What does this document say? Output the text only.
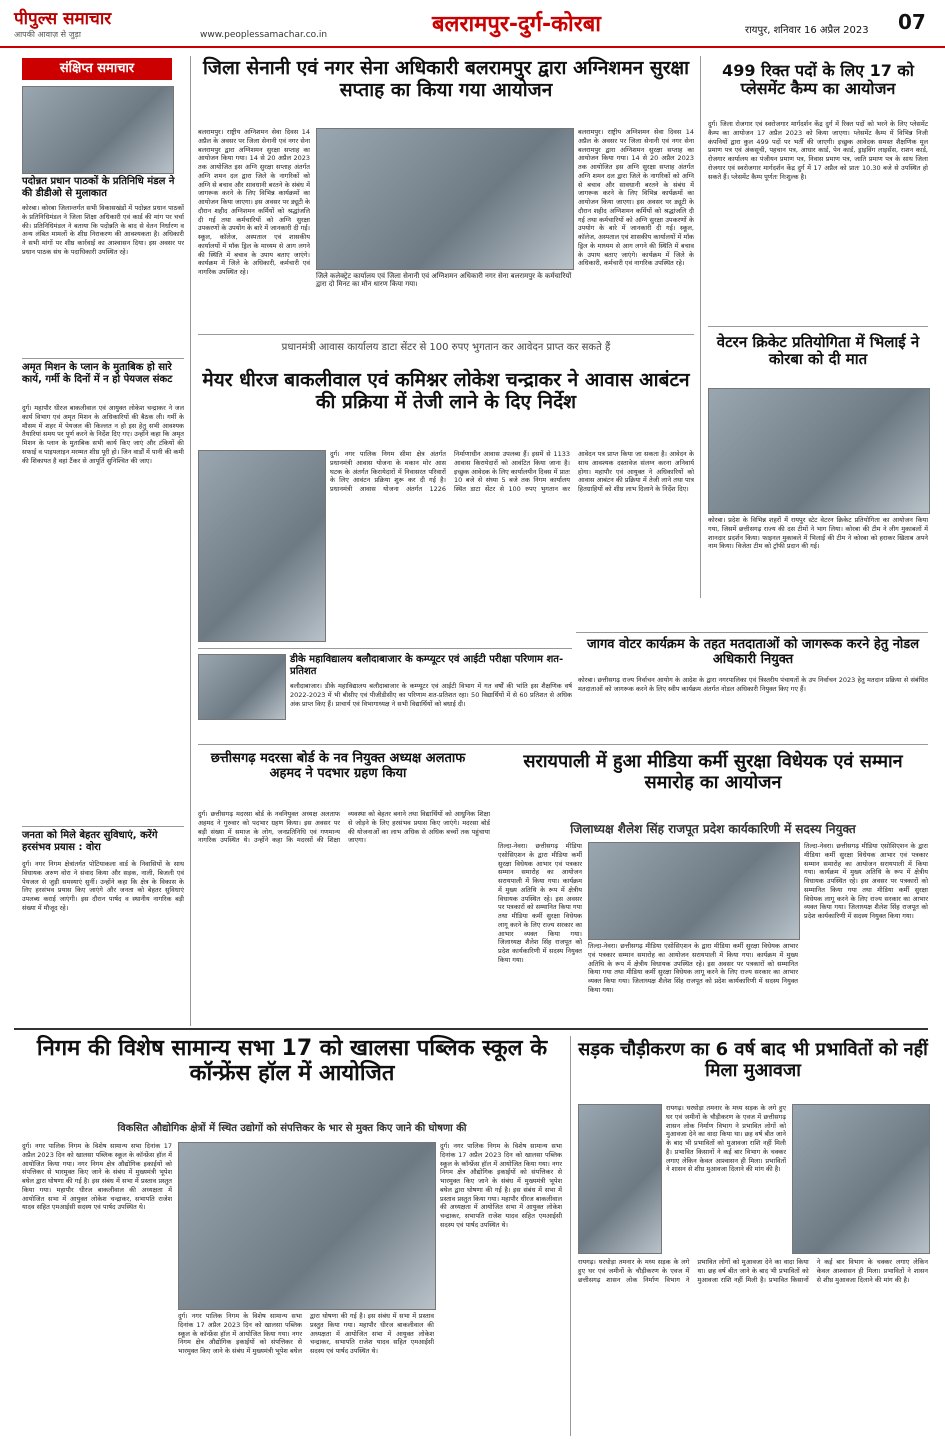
पीपुल्स समाचार
आपकी आवाज़ से जुड़ा	www.peoplessamachar.co.in	बलरामपुर-दुर्ग-कोरबा	रायपुर, शनिवार 16 अप्रैल 2023 07
संक्षिप्त समाचार
पदोन्नत प्रधान पाठकों के प्रतिनिधि मंडल ने की डीडीओ से मुलाकात
कोरबा। कोरबा जिलान्तर्गत सभी विकासखंडों में पदोन्नत प्रधान पाठकों के प्रतिनिधिमंडल ने जिला शिक्षा अधिकारी एवं कार्ड की मांग पर चर्चा की। प्रतिनिधिमंडल ने बताया कि पदोन्नति के बाद से वेतन निर्धारण व अन्य लंबित मामलों के शीघ्र निराकरण की आवश्यकता है। अधिकारी ने सभी मांगों पर शीघ्र कार्रवाई का आश्वासन दिया। इस अवसर पर प्रधान पाठक संघ के पदाधिकारी उपस्थित रहे।
अमृत मिशन के प्लान के मुताबिक हो सारे कार्य, गर्मी के दिनों में न हो पेयजल संकट
दुर्ग। महापौर धीरज बाकलीवाल एवं आयुक्त लोकेश चन्द्राकर ने जल कार्य विभाग एवं अमृत मिशन के अधिकारियों की बैठक ली। गर्मी के मौसम में शहर में पेयजल की किल्लत न हो इस हेतु सभी आवश्यक तैयारियां समय पर पूर्ण करने के निर्देश दिए गए। उन्होंने कहा कि अमृत मिशन के प्लान के मुताबिक सभी कार्य किए जाएं और टंकियों की सफाई व पाइपलाइन मरम्मत शीघ्र पूरी हो। जिन वार्डों में पानी की कमी की शिकायत है वहां टैंकर से आपूर्ति सुनिश्चित की जाए।
जनता को मिले बेहतर सुविधाएं, करेंगे हरसंभव प्रयास : वोरा
दुर्ग। नगर निगम क्षेत्रांतर्गत पोटियाकला वार्ड के निवासियों के साथ विधायक अरुण वोरा ने संवाद किया और सड़क, नाली, बिजली एवं पेयजल से जुड़ी समस्याएं सुनीं। उन्होंने कहा कि क्षेत्र के विकास के लिए हरसंभव प्रयास किए जाएंगे और जनता को बेहतर सुविधाएं उपलब्ध कराई जाएंगी। इस दौरान पार्षद व स्थानीय नागरिक बड़ी संख्या में मौजूद रहे।
जिला सेनानी एवं नगर सेना अधिकारी बलरामपुर द्वारा अग्निशमन सुरक्षा सप्ताह का किया गया आयोजन
बलरामपुर। राष्ट्रीय अग्निशमन सेवा दिवस 14 अप्रैल के अवसर पर जिला सेनानी एवं नगर सेना बलरामपुर द्वारा अग्निशमन सुरक्षा सप्ताह का आयोजन किया गया। 14 से 20 अप्रैल 2023 तक आयोजित इस अग्नि सुरक्षा सप्ताह अंतर्गत अग्नि शमन दल द्वारा जिले के नागरिकों को अग्नि से बचाव और सावधानी बरतने के संबंध में जागरूक करने के लिए विभिन्न कार्यक्रमों का आयोजन किया जाएगा। इस अवसर पर ड्यूटी के दौरान शहीद अग्निशमन कर्मियों को श्रद्धांजलि दी गई तथा कर्मचारियों को अग्नि सुरक्षा उपकरणों के उपयोग के बारे में जानकारी दी गई। स्कूल, कॉलेज, अस्पताल एवं शासकीय कार्यालयों में मॉक ड्रिल के माध्यम से आग लगने की स्थिति में बचाव के उपाय बताए जाएंगे। कार्यक्रम में जिले के अधिकारी, कर्मचारी एवं नागरिक उपस्थित रहे।	जिले कलेक्ट्रेट कार्यालय एवं जिला सेनानी एवं अग्निशमन अधिकारी नगर सेना बलरामपुर के कर्मचारियों द्वारा दो मिनट का मौन धारण किया गया।
बलरामपुर। राष्ट्रीय अग्निशमन सेवा दिवस 14 अप्रैल के अवसर पर जिला सेनानी एवं नगर सेना बलरामपुर द्वारा अग्निशमन सुरक्षा सप्ताह का आयोजन किया गया। 14 से 20 अप्रैल 2023 तक आयोजित इस अग्नि सुरक्षा सप्ताह अंतर्गत अग्नि शमन दल द्वारा जिले के नागरिकों को अग्नि से बचाव और सावधानी बरतने के संबंध में जागरूक करने के लिए विभिन्न कार्यक्रमों का आयोजन किया जाएगा। इस अवसर पर ड्यूटी के दौरान शहीद अग्निशमन कर्मियों को श्रद्धांजलि दी गई तथा कर्मचारियों को अग्नि सुरक्षा उपकरणों के उपयोग के बारे में जानकारी दी गई। स्कूल, कॉलेज, अस्पताल एवं शासकीय कार्यालयों में मॉक ड्रिल के माध्यम से आग लगने की स्थिति में बचाव के उपाय बताए जाएंगे। कार्यक्रम में जिले के अधिकारी, कर्मचारी एवं नागरिक उपस्थित रहे।
499 रिक्त पदों के लिए 17 को प्लेसमेंट कैम्प का आयोजन
दुर्ग। जिला रोजगार एवं स्वरोजगार मार्गदर्शन केंद्र दुर्ग में रिक्त पदों को भरने के लिए प्लेसमेंट कैम्प का आयोजन 17 अप्रैल 2023 को किया जाएगा। प्लेसमेंट कैम्प में विभिन्न निजी कंपनियों द्वारा कुल 499 पदों पर भर्ती की जाएगी। इच्छुक आवेदक समस्त शैक्षणिक मूल प्रमाण पत्र एवं अंकसूची, पहचान पत्र, आधार कार्ड, पेन कार्ड, ड्राइविंग लाइसेंस, राशन कार्ड, रोजगार कार्यालय का पंजीयन प्रमाण पत्र, निवास प्रमाण पत्र, जाति प्रमाण पत्र के साथ जिला रोजगार एवं स्वरोजगार मार्गदर्शन केंद्र दुर्ग में 17 अप्रैल को प्रातः 10.30 बजे से उपस्थित हो सकते हैं। प्लेसमेंट कैम्प पूर्णतः निःशुल्क है।
प्रधानमंत्री आवास कार्यालय डाटा सेंटर से 100 रुपए भुगतान कर आवेदन प्राप्त कर सकते हैं
मेयर धीरज बाकलीवाल एवं कमिश्नर लोकेश चन्द्राकर ने आवास आबंटन की प्रक्रिया में तेजी लाने के दिए निर्देश
दुर्ग। नगर पालिक निगम सीमा क्षेत्र अंतर्गत प्रधानमंत्री आवास योजना के मकान मोर आस घटक के अंतर्गत किरायेदारों में निवासरत परिवारों के लिए आवंटन प्रक्रिया शुरू कर दी गई है। प्रधानमंत्री आवास योजना अंतर्गत 1226 निर्माणाधीन आवास उपलब्ध हैं। इसमें से 1133 आवास किरायेदारों को आवंटित किया जाना है। इच्छुक आवेदक के लिए कार्यालयीन दिवस में प्रातः 10 बजे से संध्या 5 बजे तक निगम कार्यालय स्थित डाटा सेंटर से 100 रुपए भुगतान कर आवेदन पत्र प्राप्त किया जा सकता है। आवेदन के साथ आवश्यक दस्तावेज संलग्न करना अनिवार्य होगा। महापौर एवं आयुक्त ने अधिकारियों को आवास आबंटन की प्रक्रिया में तेजी लाने तथा पात्र हितग्राहियों को शीघ्र लाभ दिलाने के निर्देश दिए।
वेटरन क्रिकेट प्रतियोगिता में भिलाई ने कोरबा को दी मात
कोरबा। प्रदेश के विभिन्न शहरों में रायपुर स्टेट वेटरन क्रिकेट प्रतियोगिता का आयोजन किया गया, जिसमें छत्तीसगढ़ राज्य की दस टीमों ने भाग लिया। कोरबा की टीम ने लीग मुकाबलों में शानदार प्रदर्शन किया। फाइनल मुकाबले में भिलाई की टीम ने कोरबा को हराकर खिताब अपने नाम किया। विजेता टीम को ट्रॉफी प्रदान की गई।
जागव वोटर कार्यक्रम के तहत मतदाताओं को जागरूक करने हेतु नोडल अधिकारी नियुक्त
कोरबा। छत्तीसगढ़ राज्य निर्वाचन आयोग के आदेश के द्वारा नगरपालिका एवं त्रिस्तरीय पंचायतों के उप निर्वाचन 2023 हेतु मतदान प्रक्रिया से संबंधित मतदाताओं को जागरूक करने के लिए स्वीप कार्यक्रम अंतर्गत नोडल अधिकारी नियुक्त किए गए हैं।
डीके महाविद्यालय बलौदाबाजार के कम्प्यूटर एवं आईटी परीक्षा परिणाम शत-प्रतिशत
बलौदाबाजार। डीके महाविद्यालय बलौदाबाजार के कम्प्यूटर एवं आईटी विभाग में गत वर्षों की भांति इस शैक्षणिक वर्ष 2022-2023 में भी बीसीए एवं पीजीडीसीए का परिणाम शत-प्रतिशत रहा। 50 विद्यार्थियों में से 60 प्रतिशत से अधिक अंक प्राप्त किए हैं। प्राचार्य एवं विभागाध्यक्ष ने सभी विद्यार्थियों को बधाई दी।
छत्तीसगढ़ मदरसा बोर्ड के नव नियुक्त अध्यक्ष अलताफ अहमद ने पदभार ग्रहण किया
दुर्ग। छत्तीसगढ़ मदरसा बोर्ड के नवनियुक्त अध्यक्ष अलताफ अहमद ने गुरुवार को पदभार ग्रहण किया। इस अवसर पर बड़ी संख्या में समाज के लोग, जनप्रतिनिधि एवं गणमान्य नागरिक उपस्थित थे। उन्होंने कहा कि मदरसों की शिक्षा व्यवस्था को बेहतर बनाने तथा विद्यार्थियों को आधुनिक शिक्षा से जोड़ने के लिए हरसंभव प्रयास किए जाएंगे। मदरसा बोर्ड की योजनाओं का लाभ अधिक से अधिक बच्चों तक पहुंचाया जाएगा।
सरायपाली में हुआ मीडिया कर्मी सुरक्षा विधेयक एवं सम्मान समारोह का आयोजन
जिलाध्यक्ष शैलेश सिंह राजपूत प्रदेश कार्यकारिणी में सदस्य नियुक्त
तिल्दा-नेवरा। छत्तीसगढ़ मीडिया एसोसिएशन के द्वारा मीडिया कर्मी सुरक्षा विधेयक आभार एवं पत्रकार सम्मान समारोह का आयोजन सरायपाली में किया गया। कार्यक्रम में मुख्य अतिथि के रूप में क्षेत्रीय विधायक उपस्थित रहे। इस अवसर पर पत्रकारों को सम्मानित किया गया तथा मीडिया कर्मी सुरक्षा विधेयक लागू करने के लिए राज्य सरकार का आभार व्यक्त किया गया। जिलाध्यक्ष शैलेश सिंह राजपूत को प्रदेश कार्यकारिणी में सदस्य नियुक्त किया गया।
तिल्दा-नेवरा। छत्तीसगढ़ मीडिया एसोसिएशन के द्वारा मीडिया कर्मी सुरक्षा विधेयक आभार एवं पत्रकार सम्मान समारोह का आयोजन सरायपाली में किया गया। कार्यक्रम में मुख्य अतिथि के रूप में क्षेत्रीय विधायक उपस्थित रहे। इस अवसर पर पत्रकारों को सम्मानित किया गया तथा मीडिया कर्मी सुरक्षा विधेयक लागू करने के लिए राज्य सरकार का आभार व्यक्त किया गया। जिलाध्यक्ष शैलेश सिंह राजपूत को प्रदेश कार्यकारिणी में सदस्य नियुक्त किया गया।
तिल्दा-नेवरा। छत्तीसगढ़ मीडिया एसोसिएशन के द्वारा मीडिया कर्मी सुरक्षा विधेयक आभार एवं पत्रकार सम्मान समारोह का आयोजन सरायपाली में किया गया। कार्यक्रम में मुख्य अतिथि के रूप में क्षेत्रीय विधायक उपस्थित रहे। इस अवसर पर पत्रकारों को सम्मानित किया गया तथा मीडिया कर्मी सुरक्षा विधेयक लागू करने के लिए राज्य सरकार का आभार व्यक्त किया गया। जिलाध्यक्ष शैलेश सिंह राजपूत को प्रदेश कार्यकारिणी में सदस्य नियुक्त किया गया।
निगम की विशेष सामान्य सभा 17 को खालसा पब्लिक स्कूल के कॉन्फ्रेंस हॉल में आयोजित
विकसित औद्योगिक क्षेत्रों में स्थित उद्योगों को संपत्तिकर के भार से मुक्त किए जाने की घोषणा की
दुर्ग। नगर पालिक निगम के विशेष सामान्य सभा दिनांक 17 अप्रैल 2023 दिन को खालसा पब्लिक स्कूल के कॉन्फ्रेंस हॉल में आयोजित किया गया। नगर निगम क्षेत्र औद्योगिक इकाईयों को संपत्तिकर से भारमुक्त किए जाने के संबंध में मुख्यमंत्री भूपेश बघेल द्वारा घोषणा की गई है। इस संबंध में सभा में प्रस्ताव प्रस्तुत किया गया। महापौर धीरज बाकलीवाल की अध्यक्षता में आयोजित सभा में आयुक्त लोकेश चन्द्राकर, सभापति राजेश यादव सहित एमआईसी सदस्य एवं पार्षद उपस्थित थे।
दुर्ग। नगर पालिक निगम के विशेष सामान्य सभा दिनांक 17 अप्रैल 2023 दिन को खालसा पब्लिक स्कूल के कॉन्फ्रेंस हॉल में आयोजित किया गया। नगर निगम क्षेत्र औद्योगिक इकाईयों को संपत्तिकर से भारमुक्त किए जाने के संबंध में मुख्यमंत्री भूपेश बघेल द्वारा घोषणा की गई है। इस संबंध में सभा में प्रस्ताव प्रस्तुत किया गया। महापौर धीरज बाकलीवाल की अध्यक्षता में आयोजित सभा में आयुक्त लोकेश चन्द्राकर, सभापति राजेश यादव सहित एमआईसी सदस्य एवं पार्षद उपस्थित थे।
दुर्ग। नगर पालिक निगम के विशेष सामान्य सभा दिनांक 17 अप्रैल 2023 दिन को खालसा पब्लिक स्कूल के कॉन्फ्रेंस हॉल में आयोजित किया गया। नगर निगम क्षेत्र औद्योगिक इकाईयों को संपत्तिकर से भारमुक्त किए जाने के संबंध में मुख्यमंत्री भूपेश बघेल द्वारा घोषणा की गई है। इस संबंध में सभा में प्रस्ताव प्रस्तुत किया गया। महापौर धीरज बाकलीवाल की अध्यक्षता में आयोजित सभा में आयुक्त लोकेश चन्द्राकर, सभापति राजेश यादव सहित एमआईसी सदस्य एवं पार्षद उपस्थित थे।
सड़क चौड़ीकरण का 6 वर्ष बाद भी प्रभावितों को नहीं मिला मुआवजा
रायगढ़। घरघोड़ा तमनार के मध्य सड़क के लगे हुए घर एवं जमीनों के चौड़ीकरण के एवज में छत्तीसगढ़ शासन लोक निर्माण विभाग ने प्रभावित लोगों को मुआवजा देने का वादा किया था। छह वर्ष बीत जाने के बाद भी प्रभावितों को मुआवजा राशि नहीं मिली है। प्रभावित किसानों ने कई बार विभाग के चक्कर लगाए लेकिन केवल आश्वासन ही मिला। प्रभावितों ने शासन से शीघ्र मुआवजा दिलाने की मांग की है।
रायगढ़। घरघोड़ा तमनार के मध्य सड़क के लगे हुए घर एवं जमीनों के चौड़ीकरण के एवज में छत्तीसगढ़ शासन लोक निर्माण विभाग ने प्रभावित लोगों को मुआवजा देने का वादा किया था। छह वर्ष बीत जाने के बाद भी प्रभावितों को मुआवजा राशि नहीं मिली है। प्रभावित किसानों ने कई बार विभाग के चक्कर लगाए लेकिन केवल आश्वासन ही मिला। प्रभावितों ने शासन से शीघ्र मुआवजा दिलाने की मांग की है।
